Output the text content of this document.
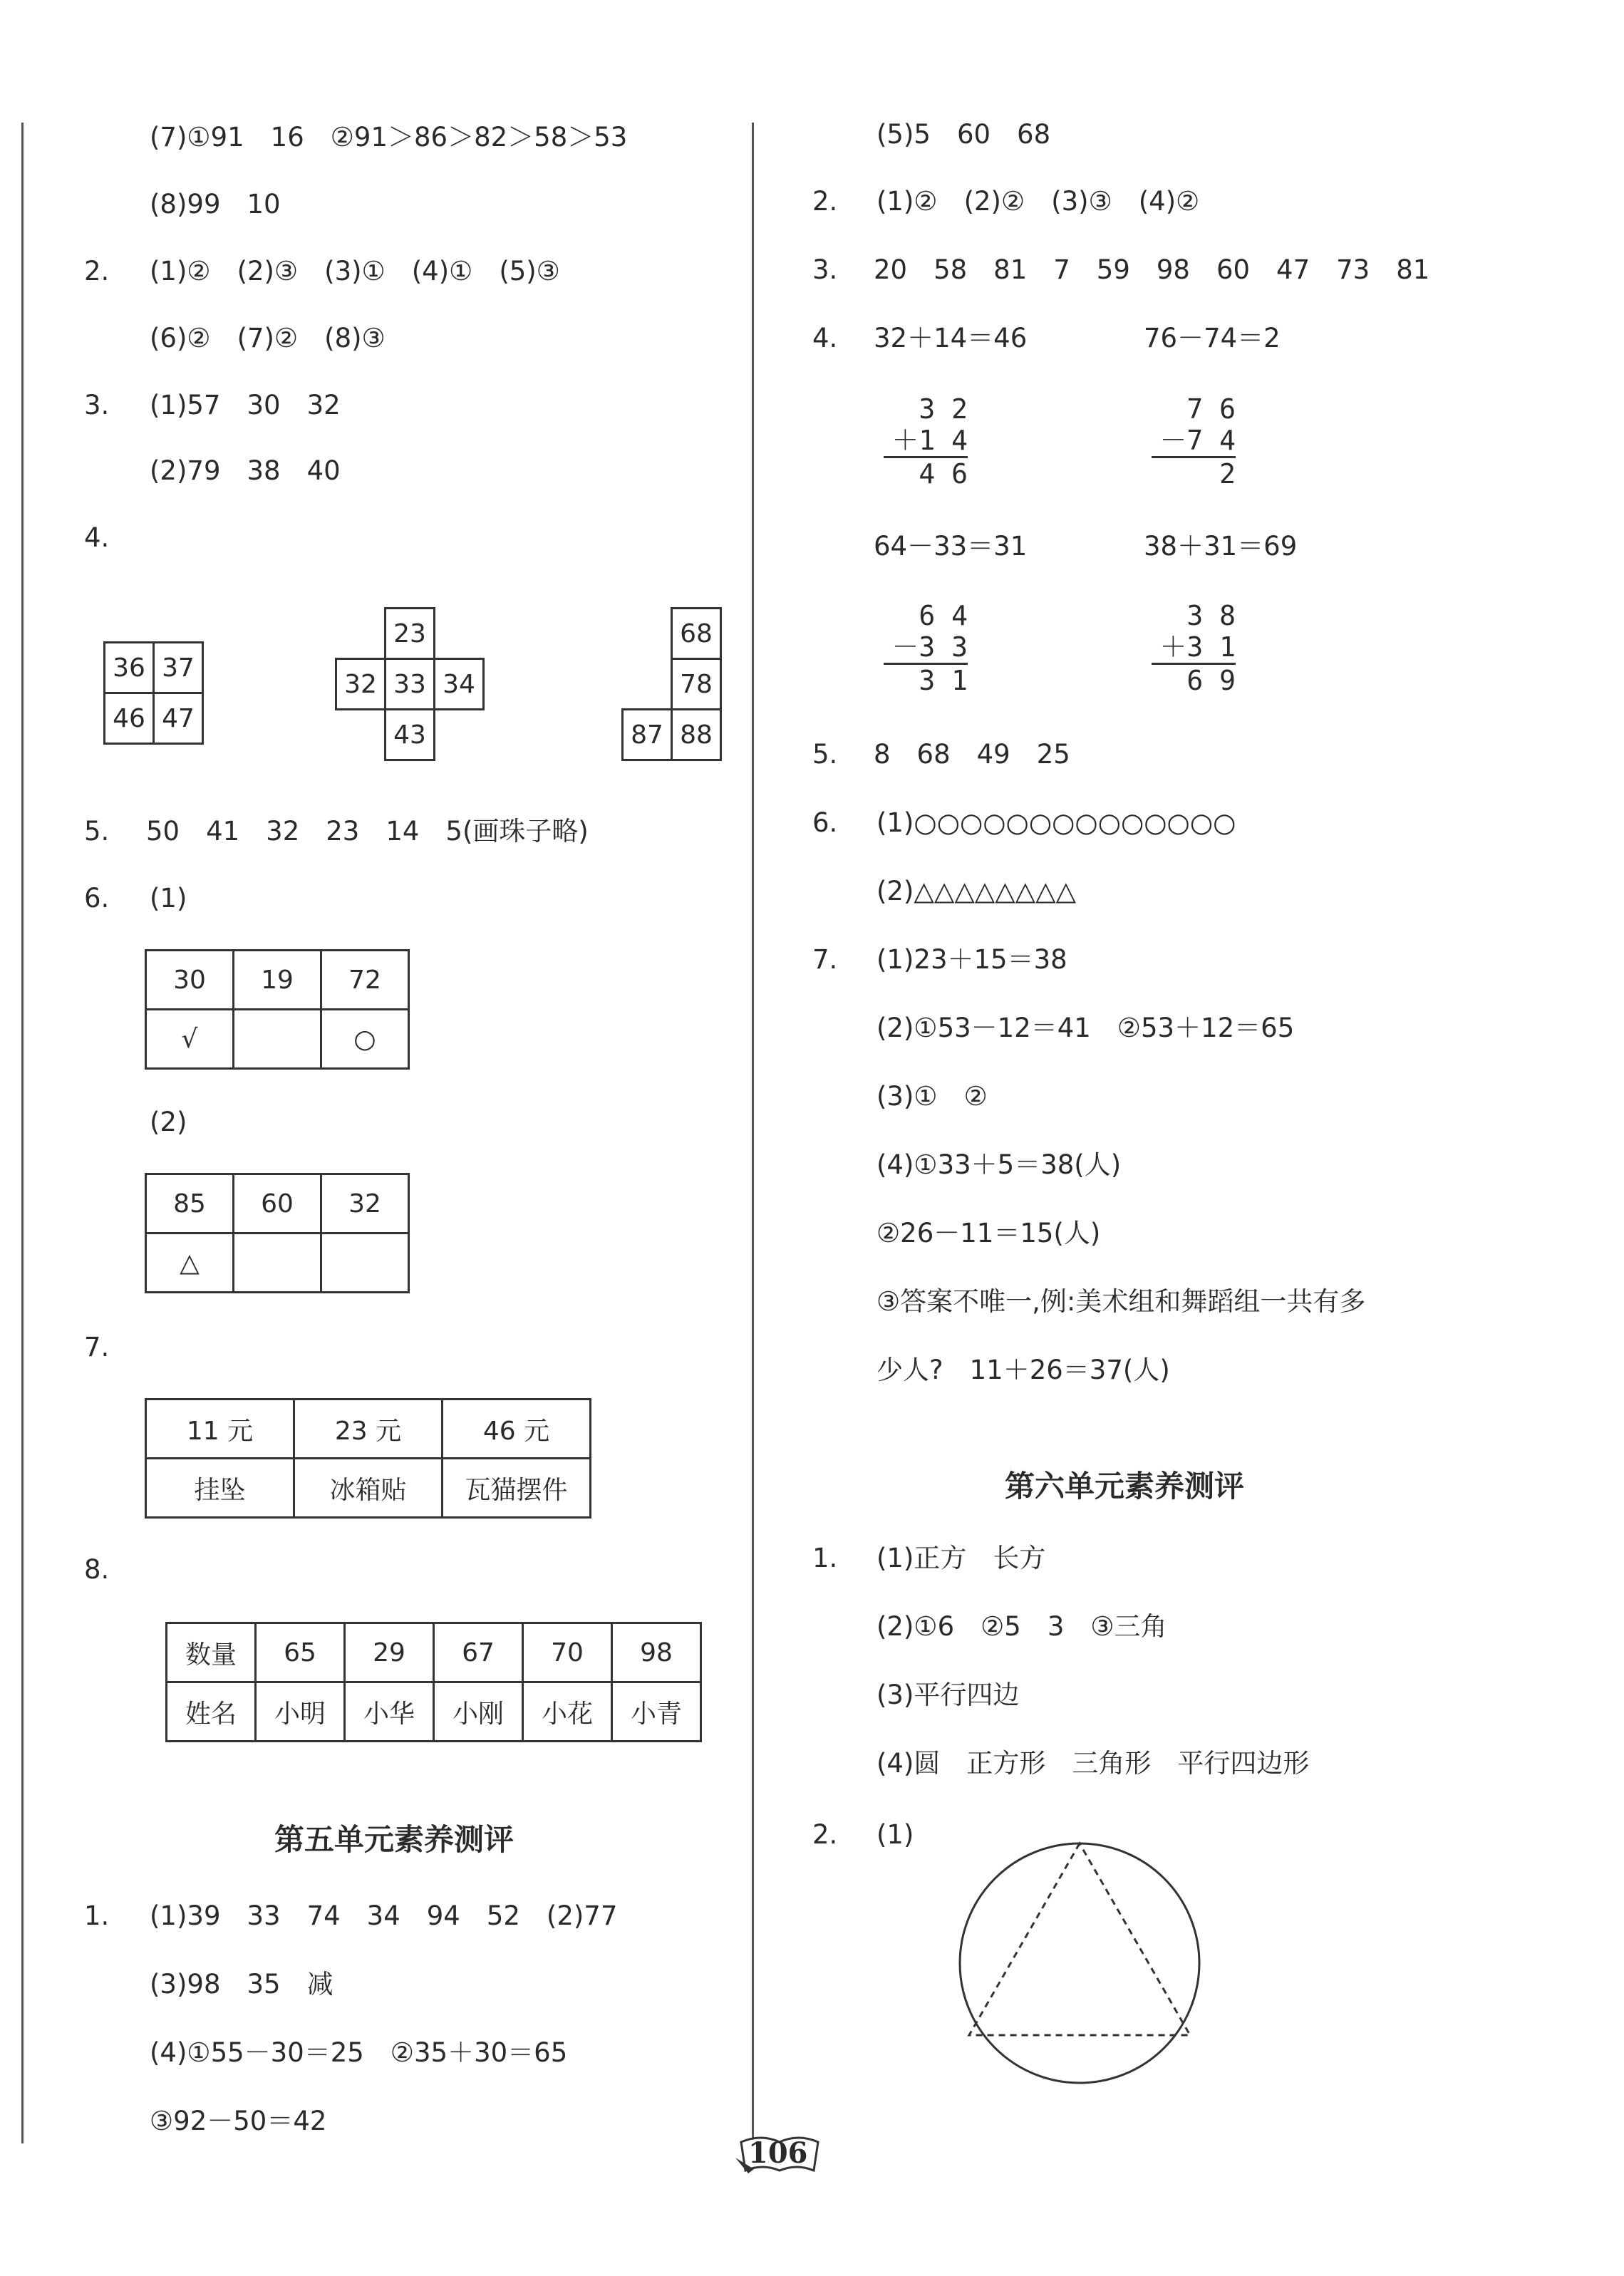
(7)①91　16　②91＞86＞82＞58＞53
(8)99　10
2. (1)②　(2)③　(3)①　(4)①　(5)③
(6)②　(7)②　(8)③
3. (1)57　30　32
(2)79　38　40
4.
36	37
46	47
	23	
32	33	34
	43	
	68
	78
87	88
5. 50　41　32　23　14　5(画珠子略)
6. (1)
30	19	72
√		○
(2)
85	60	32
△		
7.
11 元	23 元	46 元
挂坠	冰箱贴	瓦猫摆件
8.
数量	65	29	67	70	98
姓名	小明	小华	小刚	小花	小青
第五单元素养测评
1. (1)39　33　74　34　94　52　(2)77
(3)98　35　减
(4)①55－30＝25　②35＋30＝65
③92－50＝42
(5)5　60　68
2. (1)②　(2)②　(3)③　(4)②
3. 20　58　81　7　59　98　60　47　73　81
4. 32＋14＝46	76－74＝2
3 2
＋1 4
4 6
7 6
－7 4
2
64－33＝31	38＋31＝69
6 4
－3 3
3 1
3 8
＋3 1
6 9
5. 8　68　49　25
6. (1)○○○○○○○○○○○○○○
(2)△△△△△△△△
7. (1)23＋15＝38
(2)①53－12＝41　②53＋12＝65
(3)①　②
(4)①33＋5＝38(人)
②26－11＝15(人)
③答案不唯一,例:美术组和舞蹈组一共有多
少人?　11＋26＝37(人)
第六单元素养测评
1. (1)正方　长方
(2)①6　②5　3　③三角
(3)平行四边
(4)圆　正方形　三角形　平行四边形
2. (1)
106
